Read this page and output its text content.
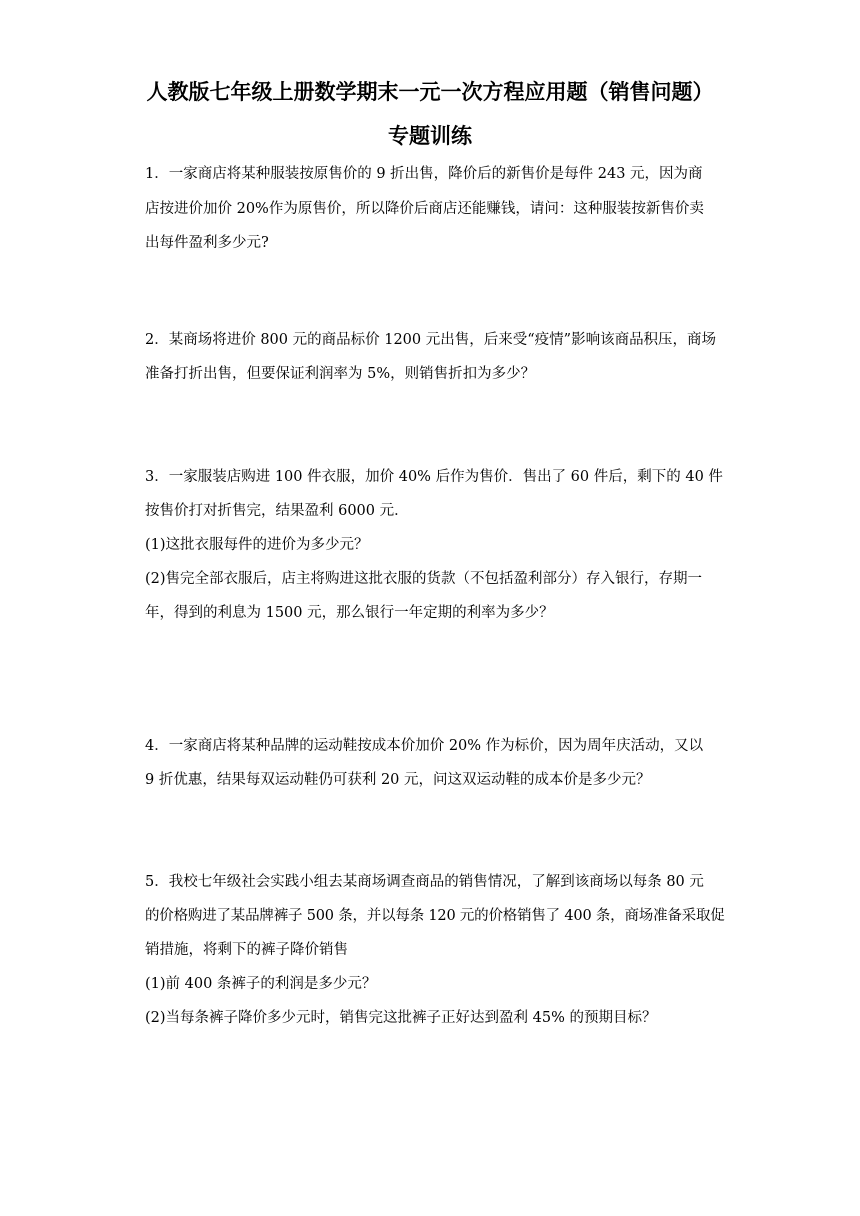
人教版七年级上册数学期末一元一次方程应用题（销售问题）
专题训练
1．一家商店将某种服装按原售价的 9 折出售，降价后的新售价是每件 243 元，因为商
店按进价加价 20%作为原售价，所以降价后商店还能赚钱，请问：这种服装按新售价卖
出每件盈利多少元?
2．某商场将进价 800 元的商品标价 1200 元出售，后来受“疫情”影响该商品积压，商场
准备打折出售，但要保证利润率为 5%，则销售折扣为多少？
3．一家服装店购进 100 件衣服，加价 40% 后作为售价．售出了 60 件后，剩下的 40 件
按售价打对折售完，结果盈利 6000 元．
(1)这批衣服每件的进价为多少元？
(2)售完全部衣服后，店主将购进这批衣服的货款（不包括盈利部分）存入银行，存期一
年，得到的利息为 1500 元，那么银行一年定期的利率为多少？
4．一家商店将某种品牌的运动鞋按成本价加价 20% 作为标价，因为周年庆活动，又以
9 折优惠，结果每双运动鞋仍可获利 20 元，问这双运动鞋的成本价是多少元？
5．我校七年级社会实践小组去某商场调查商品的销售情况，了解到该商场以每条 80 元
的价格购进了某品牌裤子 500 条，并以每条 120 元的价格销售了 400 条，商场准备采取促
销措施，将剩下的裤子降价销售
(1)前 400 条裤子的利润是多少元？
(2)当每条裤子降价多少元时，销售完这批裤子正好达到盈利 45% 的预期目标？
